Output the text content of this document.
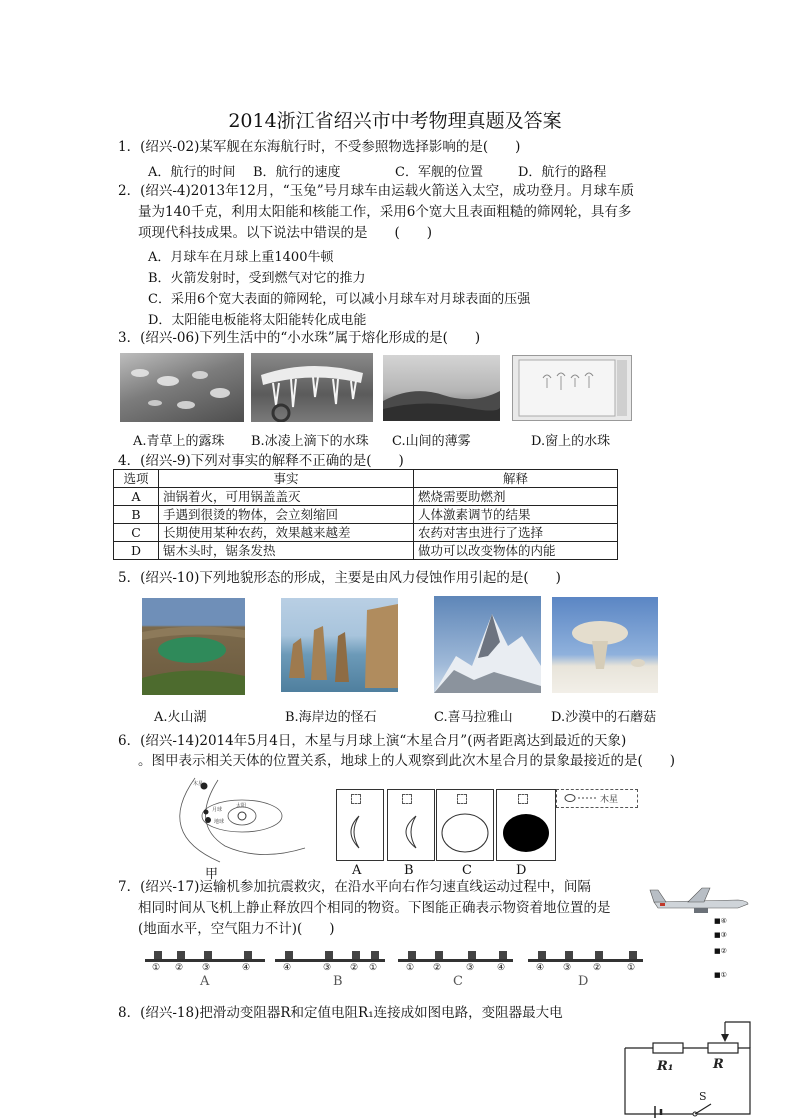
2014浙江省绍兴市中考物理真题及答案
1．(绍兴-02)某军舰在东海航行时，不受参照物选择影响的是(　　)
A．航行的时间 B．航行的速度	C．军舰的位置	D．航行的路程
2．(绍兴-4)2013年12月，“玉兔”号月球车由运载火箭送入太空，成功登月。月球车质
量为140千克，利用太阳能和核能工作，采用6个宽大且表面粗糙的筛网轮，具有多
项现代科技成果。以下说法中错误的是　　(　　)
A．月球车在月球上重1400牛顿
B．火箭发射时，受到燃气对它的推力
C．采用6个宽大表面的筛网轮，可以减小月球车对月球表面的压强
D．太阳能电板能将太阳能转化成电能
3．(绍兴-06)下列生活中的“小水珠”属于熔化形成的是(　　)
A.青草上的露珠 B.冰凌上滴下的水珠 C.山间的薄雾	D.窗上的水珠
4．(绍兴-9)下列对事实的解释不正确的是(　　)
选项	事实	解释
A	油锅着火，可用锅盖盖灭	燃烧需要助燃剂
B	手遇到很烫的物体，会立刻缩回	人体激素调节的结果
C	长期使用某种农药，效果越来越差	农药对害虫进行了选择
D	锯木头时，锯条发热	做功可以改变物体的内能
5．(绍兴-10)下列地貌形态的形成，主要是由风力侵蚀作用引起的是(　　)
A.火山湖	B.海岸边的怪石	C.喜马拉雅山	D.沙漠中的石蘑菇
6．(绍兴-14)2014年5月4日，木星与月球上演“木星合月”(两者距离达到最近的天象)
。图甲表示相关天体的位置关系，地球上的人观察到此次木星合月的景象最接近的是(　　)
木星
月球
地球
太阳
甲
木星
A	B	C	D
7．(绍兴-17)运输机参加抗震救灾，在沿水平向右作匀速直线运动过程中，间隔
相同时间从飞机上静止释放四个相同的物资。下图能正确表示物资着地位置的是
(地面水平，空气阻力不计)(　　)	■④
■③
■②
■①
① ② ③	④	④	③ ② ①	① ②	③	④	④ ③ ②	①
A	B	C	D
8．(绍兴-18)把滑动变阻器R和定值电阻R₁连接成如图电路，变阻器最大电
R₁	R
S
